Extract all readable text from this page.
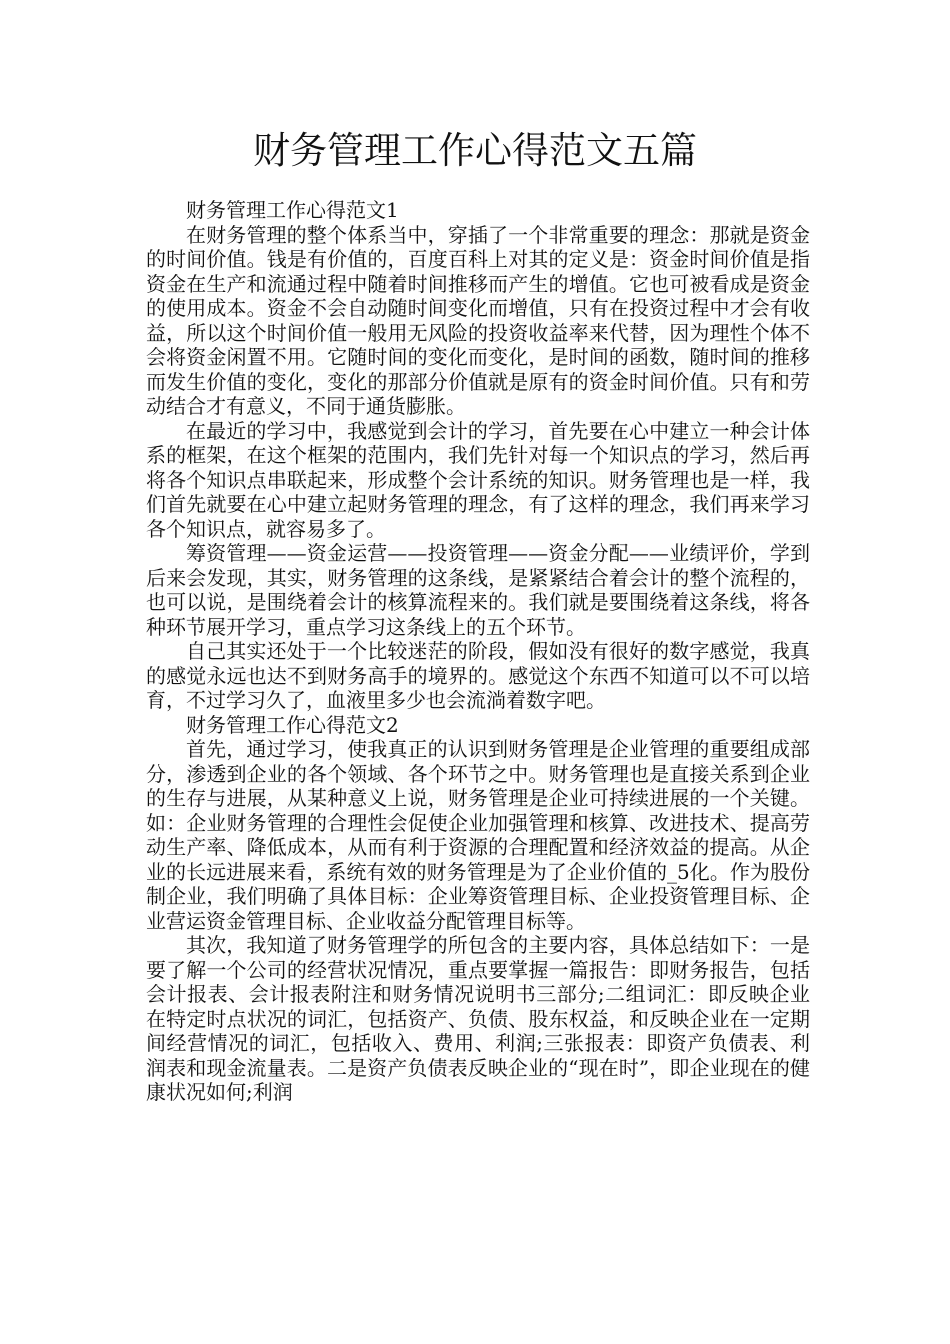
财务管理工作心得范文五篇

财务管理工作心得范文1

在财务管理的整个体系当中，穿插了一个非常重要的理念：那就是资金的时间价值。钱是有价值的，百度百科上对其的定义是：资金时间价值是指资金在生产和流通过程中随着时间推移而产生的增值。它也可被看成是资金的使用成本。资金不会自动随时间变化而增值，只有在投资过程中才会有收益，所以这个时间价值一般用无风险的投资收益率来代替，因为理性个体不会将资金闲置不用。它随时间的变化而变化，是时间的函数，随时间的推移而发生价值的变化，变化的那部分价值就是原有的资金时间价值。只有和劳动结合才有意义，不同于通货膨胀。

在最近的学习中，我感觉到会计的学习，首先要在心中建立一种会计体系的框架，在这个框架的范围内，我们先针对每一个知识点的学习，然后再将各个知识点串联起来，形成整个会计系统的知识。财务管理也是一样，我们首先就要在心中建立起财务管理的理念，有了这样的理念，我们再来学习各个知识点，就容易多了。

筹资管理——资金运营——投资管理——资金分配——业绩评价，学到后来会发现，其实，财务管理的这条线，是紧紧结合着会计的整个流程的，也可以说，是围绕着会计的核算流程来的。我们就是要围绕着这条线，将各种环节展开学习，重点学习这条线上的五个环节。

自己其实还处于一个比较迷茫的阶段，假如没有很好的数字感觉，我真的感觉永远也达不到财务高手的境界的。感觉这个东西不知道可以不可以培育，不过学习久了，血液里多少也会流淌着数字吧。

财务管理工作心得范文2

首先，通过学习，使我真正的认识到财务管理是企业管理的重要组成部分，渗透到企业的各个领域、各个环节之中。财务管理也是直接关系到企业的生存与进展，从某种意义上说，财务管理是企业可持续进展的一个关键。如：企业财务管理的合理性会促使企业加强管理和核算、改进技术、提高劳动生产率、降低成本，从而有利于资源的合理配置和经济效益的提高。从企业的长远进展来看，系统有效的财务管理是为了企业价值的_5化。作为股份制企业，我们明确了具体目标：企业筹资管理目标、企业投资管理目标、企业营运资金管理目标、企业收益分配管理目标等。

其次，我知道了财务管理学的所包含的主要内容，具体总结如下：一是要了解一个公司的经营状况情况，重点要掌握一篇报告：即财务报告，包括会计报表、会计报表附注和财务情况说明书三部分;二组词汇：即反映企业在特定时点状况的词汇，包括资产、负债、股东权益，和反映企业在一定期间经营情况的词汇，包括收入、费用、利润;三张报表：即资产负债表、利润表和现金流量表。二是资产负债表反映企业的“现在时”，即企业现在的健康状况如何;利润
